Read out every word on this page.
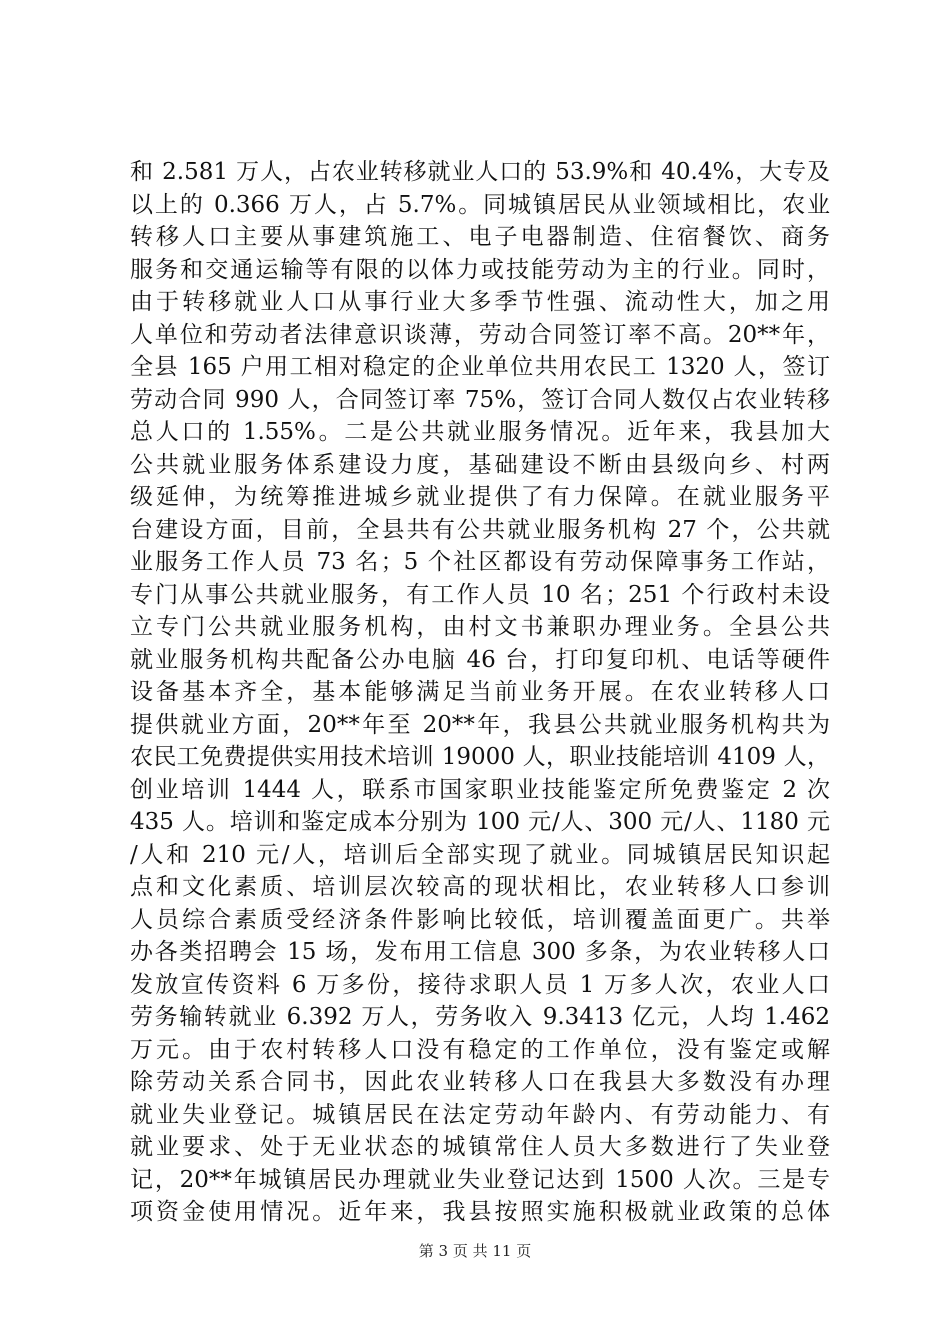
和 2.581 万人，占农业转移就业人口的 53.9%和 40.4%，大专及
以上的 0.366 万人，占 5.7%。同城镇居民从业领域相比，农业
转移人口主要从事建筑施工、电子电器制造、住宿餐饮、商务
服务和交通运输等有限的以体力或技能劳动为主的行业。同时，
由于转移就业人口从事行业大多季节性强、流动性大，加之用
人单位和劳动者法律意识谈薄，劳动合同签订率不高。20**年，
全县 165 户用工相对稳定的企业单位共用农民工 1320 人，签订
劳动合同 990 人，合同签订率 75%，签订合同人数仅占农业转移
总人口的 1.55%。二是公共就业服务情况。近年来，我县加大
公共就业服务体系建设力度，基础建设不断由县级向乡、村两
级延伸，为统筹推进城乡就业提供了有力保障。在就业服务平
台建设方面，目前，全县共有公共就业服务机构 27 个，公共就
业服务工作人员 73 名；5 个社区都设有劳动保障事务工作站，
专门从事公共就业服务，有工作人员 10 名；251 个行政村未设
立专门公共就业服务机构，由村文书兼职办理业务。全县公共
就业服务机构共配备公办电脑 46 台，打印复印机、电话等硬件
设备基本齐全，基本能够满足当前业务开展。在农业转移人口
提供就业方面，20**年至 20**年，我县公共就业服务机构共为
农民工免费提供实用技术培训 19000 人，职业技能培训 4109 人，
创业培训 1444 人，联系市国家职业技能鉴定所免费鉴定 2 次
435 人。培训和鉴定成本分别为 100 元/人、300 元/人、1180 元
/人和 210 元/人，培训后全部实现了就业。同城镇居民知识起
点和文化素质、培训层次较高的现状相比，农业转移人口参训
人员综合素质受经济条件影响比较低，培训覆盖面更广。共举
办各类招聘会 15 场，发布用工信息 300 多条，为农业转移人口
发放宣传资料 6 万多份，接待求职人员 1 万多人次，农业人口
劳务输转就业 6.392 万人，劳务收入 9.3413 亿元，人均 1.462
万元。由于农村转移人口没有稳定的工作单位，没有鉴定或解
除劳动关系合同书，因此农业转移人口在我县大多数没有办理
就业失业登记。城镇居民在法定劳动年龄内、有劳动能力、有
就业要求、处于无业状态的城镇常住人员大多数进行了失业登
记，20**年城镇居民办理就业失业登记达到 1500 人次。三是专
项资金使用情况。近年来，我县按照实施积极就业政策的总体
第 3 页 共 11 页
